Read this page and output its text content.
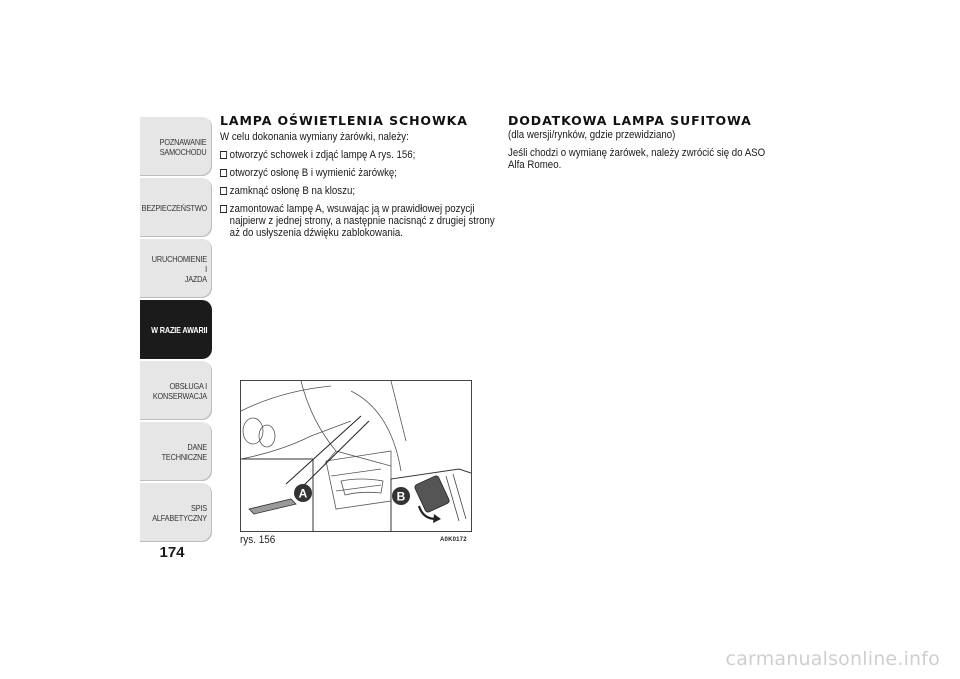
POZNAWANIE
SAMOCHODU
BEZPIECZEŃSTWO
URUCHOMIENIE I
JAZDA
W RAZIE AWARII
OBSŁUGA I
KONSERWACJA
DANE TECHNICZNE
SPIS ALFABETYCZNY
174
LAMPA OŚWIETLENIA SCHOWKA

W celu dokonania wymiany żarówki, należy:

otworzyć schowek i zdjąć lampę A rys. 156;
otworzyć osłonę B i wymienić żarówkę;
zamknąć osłonę B na kloszu;
zamontować lampę A, wsuwając ją w prawidłowej pozycji najpierw z jednej strony, a następnie nacisnąć z drugiej strony aż do usłyszenia dźwięku zablokowania.
DODATKOWA LAMPA SUFITOWA

(dla wersji/rynków, gdzie przewidziano)

Jeśli chodzi o wymianę żarówek, należy zwrócić się do ASO Alfa Romeo.

A	B
rys. 156	A0K0172
carmanualsonline.info
